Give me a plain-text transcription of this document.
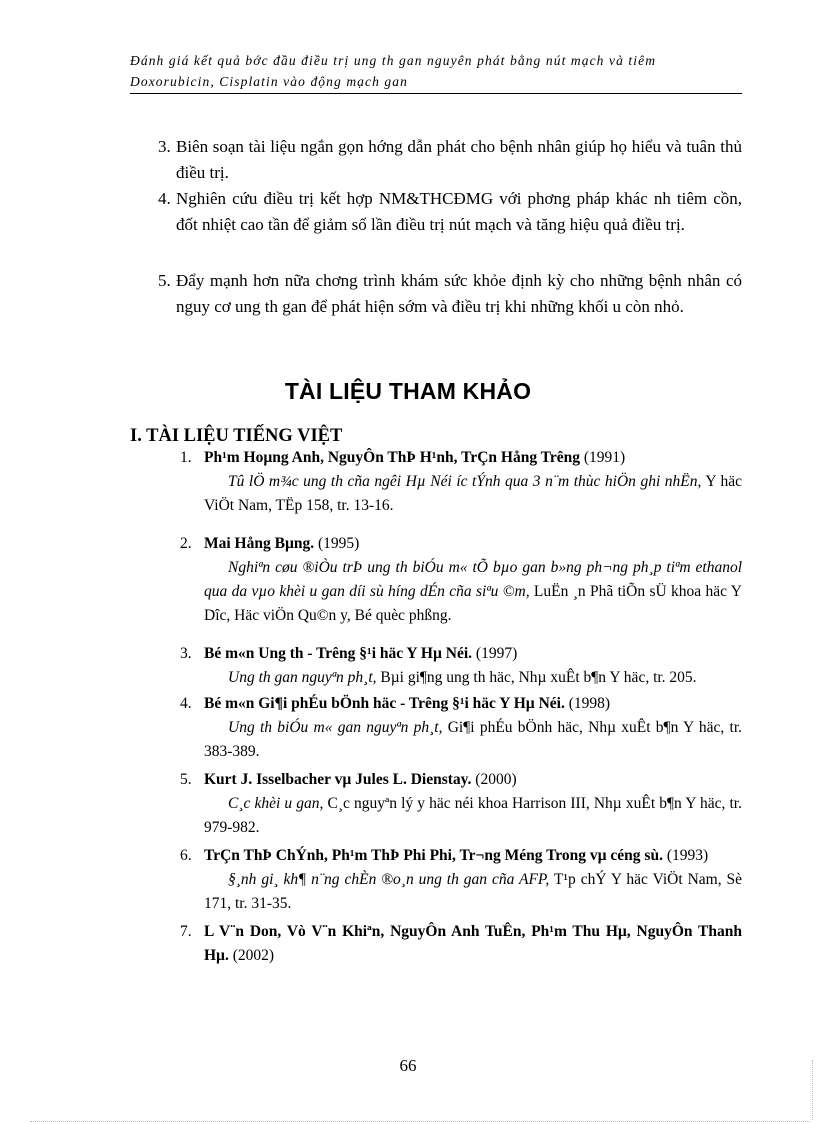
Đánh giá kết quả bớc đầu điều trị ung th gan nguyên phát bằng nút mạch và tiêm
Doxorubicin, Cisplatin vào động mạch gan
3. Biên soạn tài liệu ngắn gọn hớng dẫn phát cho bệnh nhân giúp họ hiểu và tuân thủ điều trị.
4. Nghiên cứu điều trị kết hợp NM&THCĐMG với phơng pháp khác nh tiêm cồn, đốt nhiệt cao tần để giảm số lần điều trị nút mạch và tăng hiệu quả điều trị.
5. Đẩy mạnh hơn nữa chơng trình khám sức khỏe định kỳ cho những bệnh nhân có nguy cơ ung th gan để phát hiện sớm và điều trị khi những khối u còn nhỏ.
TÀI LIỆU THAM KHẢO
I. TÀI LIỆU TIẾNG VIỆT
1. Ph¹m Hoµng Anh, NguyÔn ThÞ H¹nh, TrÇn Hång Trêng (1991)
Tû lÖ m¾c ung th cña ngêi Hµ Néi íc tÝnh qua 3 n¨m thùc hiÖn ghi nhËn, Y häc ViÖt Nam, TËp 158, tr. 13-16.
2. Mai Hång Bµng. (1995)
Nghiªn cøu ®iÒu trÞ ung th biÓu m« tÕ bµo gan b»ng ph¬ng ph¸p tiªm ethanol qua da vµo khèi u gan díi sù híng dÉn cña siªu ©m, LuËn ¸n Phã tiÕn sÜ khoa häc Y Dîc, Häc viÖn Qu©n y, Bé quèc phßng.
3. Bé m«n Ung th - Trêng §¹i häc Y Hµ Néi. (1997)
Ung th gan nguyªn ph¸t, Bµi gi¶ng ung th häc, Nhµ xuÊt b¶n Y häc, tr. 205.
4. Bé m«n Gi¶i phÉu bÖnh häc - Trêng §¹i häc Y Hµ Néi. (1998)
Ung th biÓu m« gan nguyªn ph¸t, Gi¶i phÉu bÖnh häc, Nhµ xuÊt b¶n Y häc, tr. 383-389.
5. Kurt J. Isselbacher vµ Jules L. Dienstay. (2000)
C¸c khèi u gan, C¸c nguyªn lý y häc néi khoa Harrison III, Nhµ xuÊt b¶n Y häc, tr. 979-982.
6. TrÇn ThÞ ChÝnh, Ph¹m ThÞ Phi Phi, Tr¬ng Méng Trong vµ céng sù. (1993)
§¸nh gi¸ kh¶ n¨ng chÈn ®o¸n ung th gan cña AFP, T¹p chÝ Y häc ViÖt Nam, Sè 171, tr. 31-35.
7. L V¨n Don, Vò V¨n Khiªn, NguyÔn Anh TuÊn, Ph¹m Thu Hµ, NguyÔn Thanh Hµ. (2002)
66
